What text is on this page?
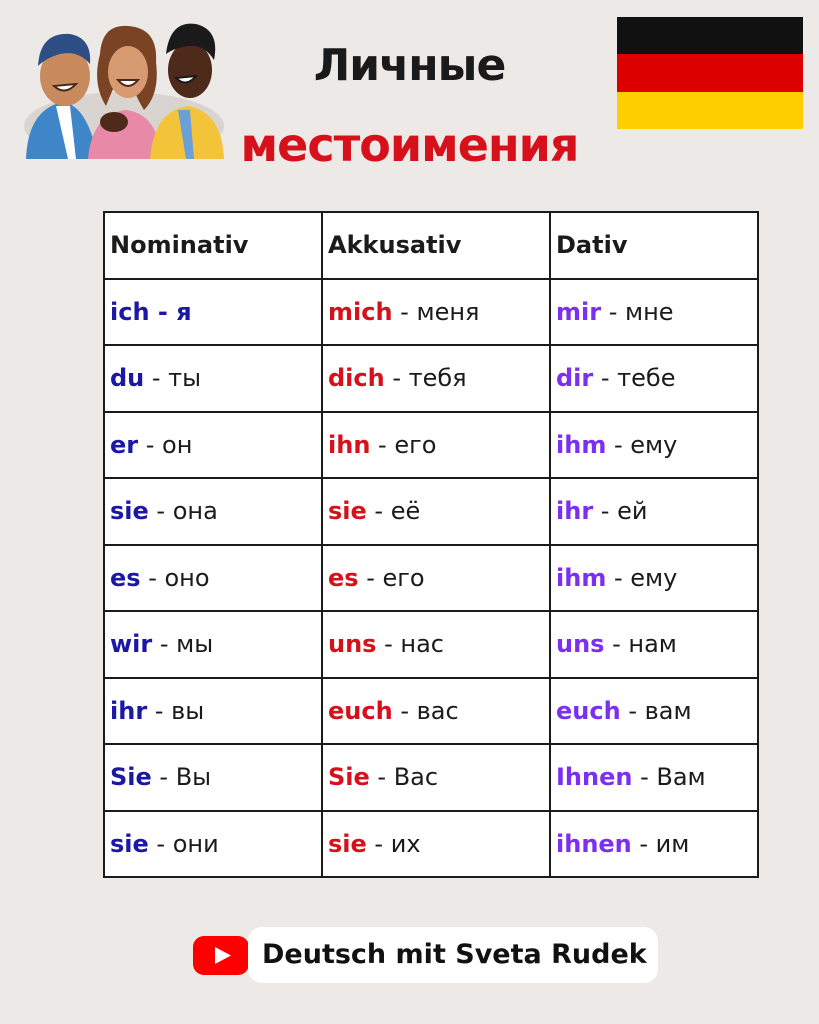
Личные
местоимения
Nominativ	Akkusativ	Dativ
ich - я	mich - меня	mir - мне
du - ты	dich - тебя	dir - тебе
er - он	ihn - его	ihm - ему
sie - она	sie - её	ihr - ей
es - оно	es - его	ihm - ему
wir - мы	uns - нас	uns - нам
ihr - вы	euch - вас	euch - вам
Sie - Вы	Sie - Вас	Ihnen - Вам
sie - они	sie - их	ihnen - им
Deutsch mit Sveta Rudek
